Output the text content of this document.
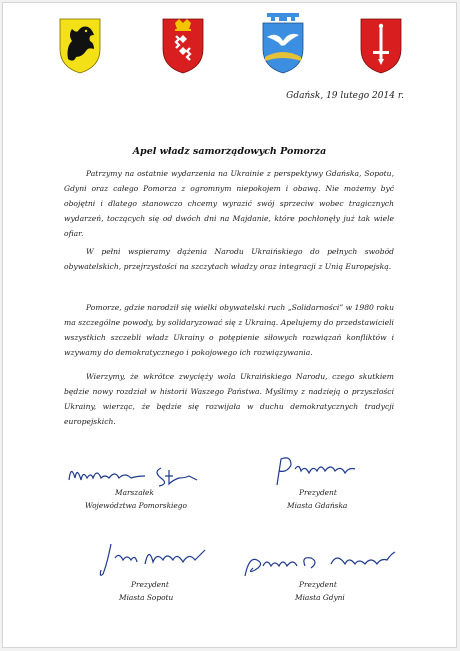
Gdańsk, 19 lutego 2014 r.
Apel władz samorządowych Pomorza
Patrzymy na ostatnie wydarzenia na Ukrainie z perspektywy Gdańska, Sopotu, Gdyni oraz całego Pomorza z ogromnym niepokojem i obawą. Nie możemy być obojętni i dlatego stanowczo chcemy wyrazić swój sprzeciw wobec tragicznych wydarzeń, toczących się od dwóch dni na Majdanie, które pochłonęły już tak wiele ofiar.
W pełni wspieramy dążenia Narodu Ukraińskiego do pełnych swobód obywatelskich, przejrzystości na szczytach władzy oraz integracji z Unią Europejską.
Pomorze, gdzie narodził się wielki obywatelski ruch „Solidarności” w 1980 roku ma szczególne powody, by solidaryzować się z Ukrainą. Apelujemy do przedstawicieli wszystkich szczebli władz Ukrainy o potępienie siłowych rozwiązań konfliktów i wzywamy do demokratycznego i pokojowego ich rozwiązywania.
Wierzymy, że wkrótce zwycięży wola Ukraińskiego Narodu, czego skutkiem będzie nowy rozdział w historii Waszego Państwa. Myślimy z nadzieją o przyszłości Ukrainy, wierząc, że będzie się rozwijała w duchu demokratycznych tradycji europejskich.
Marszałek
Województwa Pomorskiego
Prezydent
Miasta Gdańska
Prezydent
Miasta Sopotu
Prezydent
Miasta Gdyni
